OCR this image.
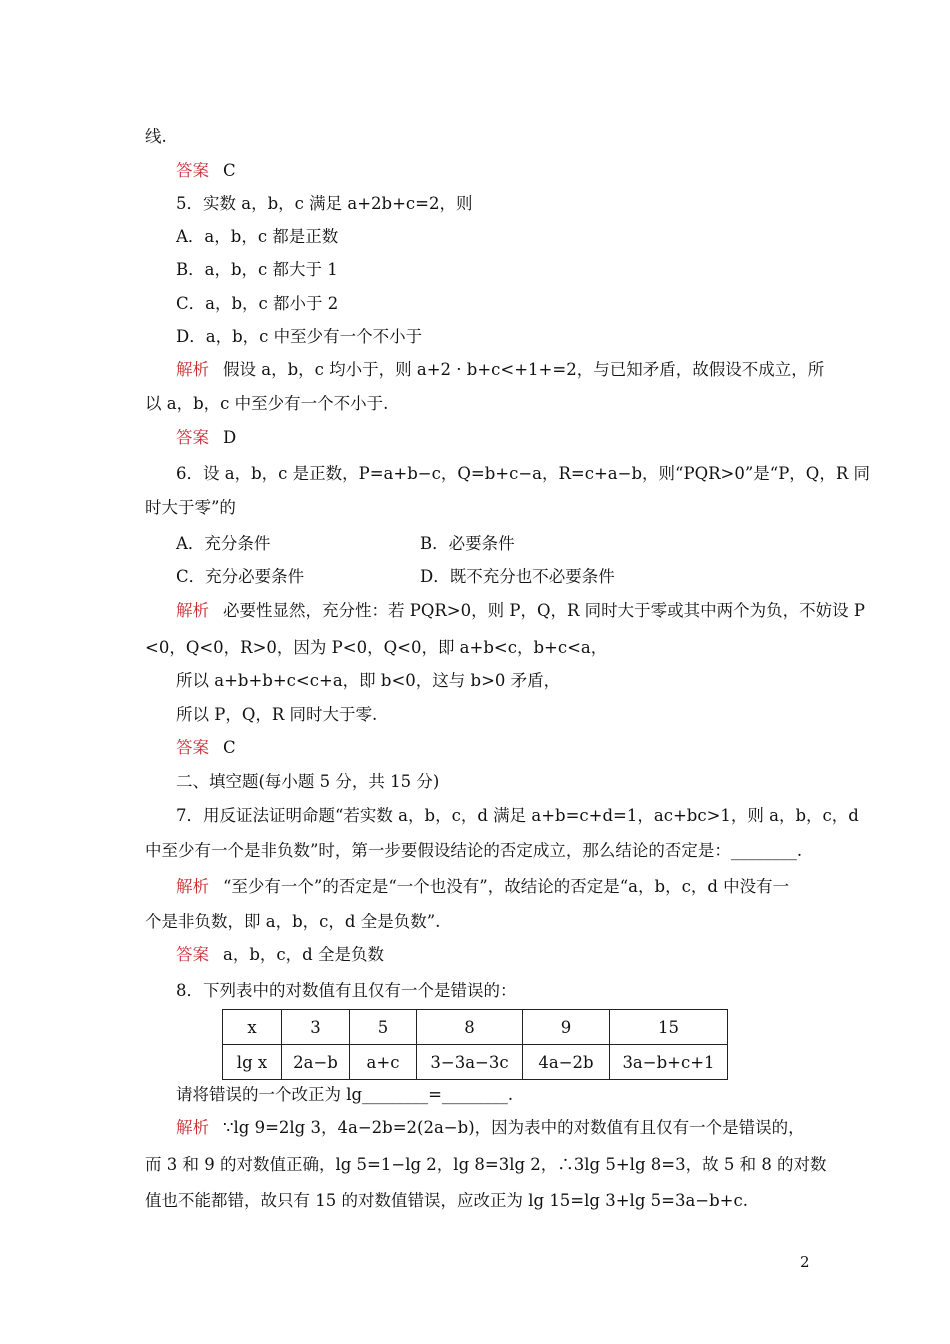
线.
答案 C
5．实数 a，b，c 满足 a+2b+c=2，则
A．a，b，c 都是正数
B．a，b，c 都大于 1
C．a，b，c 都小于 2
D．a，b，c 中至少有一个不小于
解析 假设 a，b，c 均小于，则 a+2 · b+c<+1+=2，与已知矛盾，故假设不成立，所
以 a，b，c 中至少有一个不小于.
答案 D
6．设 a，b，c 是正数，P=a+b−c，Q=b+c−a，R=c+a−b，则“PQR>0”是“P，Q，R 同
时大于零”的
A．充分条件	B．必要条件
C．充分必要条件	D．既不充分也不必要条件
解析 必要性显然，充分性：若 PQR>0，则 P，Q，R 同时大于零或其中两个为负，不妨设 P
<0，Q<0，R>0，因为 P<0，Q<0，即 a+b<c，b+c<a，
所以 a+b+b+c<c+a，即 b<0，这与 b>0 矛盾，
所以 P，Q，R 同时大于零.
答案 C
二、填空题(每小题 5 分，共 15 分)
7．用反证法证明命题“若实数 a，b，c，d 满足 a+b=c+d=1，ac+bc>1，则 a，b，c，d
中至少有一个是非负数”时，第一步要假设结论的否定成立，那么结论的否定是：________.
解析 “至少有一个”的否定是“一个也没有”，故结论的否定是“a，b，c，d 中没有一
个是非负数，即 a，b，c，d 全是负数”.
答案 a，b，c，d 全是负数
8．下列表中的对数值有且仅有一个是错误的：
x	3	5	8	9	15
lg x	2a−b	a+c	3−3a−3c	4a−2b	3a−b+c+1
请将错误的一个改正为 lg________=________.
解析 ∵lg 9=2lg 3，4a−2b=2(2a−b)，因为表中的对数值有且仅有一个是错误的，
而 3 和 9 的对数值正确，lg 5=1−lg 2，lg 8=3lg 2，∴3lg 5+lg 8=3，故 5 和 8 的对数
值也不能都错，故只有 15 的对数值错误，应改正为 lg 15=lg 3+lg 5=3a−b+c.
2
